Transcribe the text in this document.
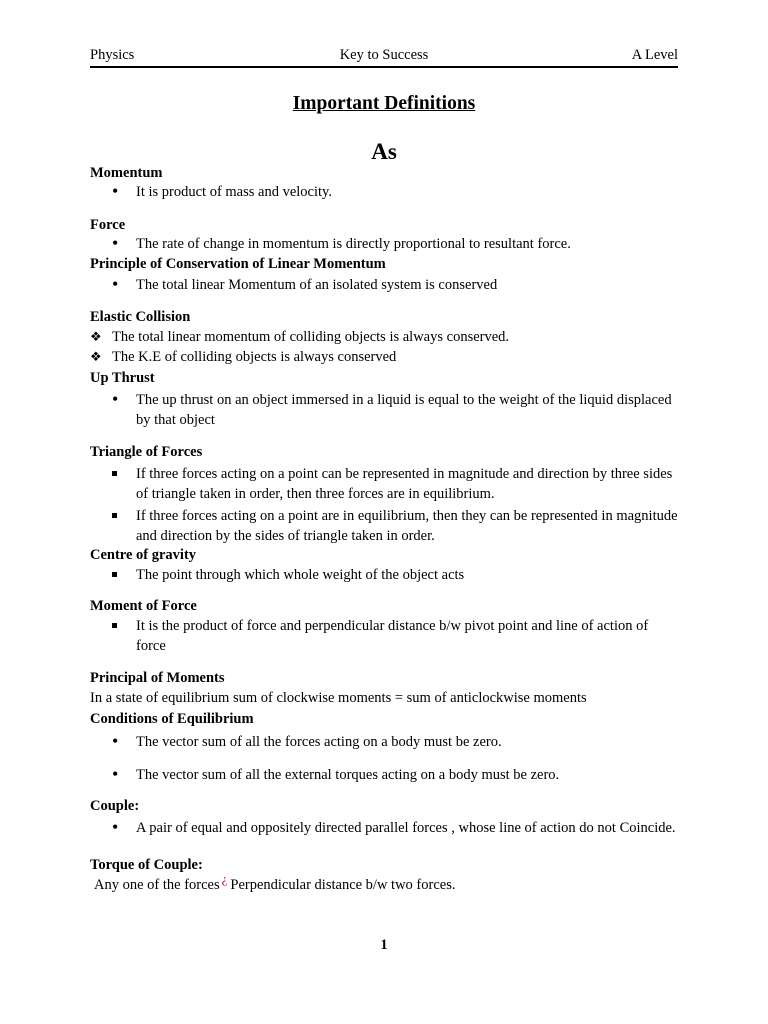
Physics	Key to Success	A Level
Important Definitions
As
Momentum
•	It is product of mass and velocity.
Force
•	The rate of change in momentum is directly proportional to resultant force.
Principle of Conservation of Linear Momentum
•	The total linear Momentum of an isolated system is conserved
Elastic Collision
❖ The total linear momentum of colliding objects is always conserved.
❖ The K.E of colliding objects is always conserved
Up Thrust
•	The up thrust on an object immersed in a liquid is equal to the weight of the liquid displaced by that object
Triangle of Forces
If three forces acting on a point can be represented in magnitude and direction by three sides of triangle taken in order, then three forces are in equilibrium.
If three forces acting on a point are in equilibrium, then they can be represented in magnitude and direction by the sides of triangle taken in order.
Centre of gravity
The point through which whole weight of the object acts
Moment of Force
It is the product of force and perpendicular distance b/w pivot point and line of action of force
Principal of Moments
In a state of equilibrium sum of clockwise moments = sum of anticlockwise moments
Conditions of Equilibrium
•	The vector sum of all the forces acting on a body must be zero.
•	The vector sum of all the external torques acting on a body must be zero.
Couple:
•	A pair of equal and oppositely directed parallel forces , whose line of action do not Coincide.
Torque of Couple:
Any one of the forces ¿ Perpendicular distance b/w two forces.
1
